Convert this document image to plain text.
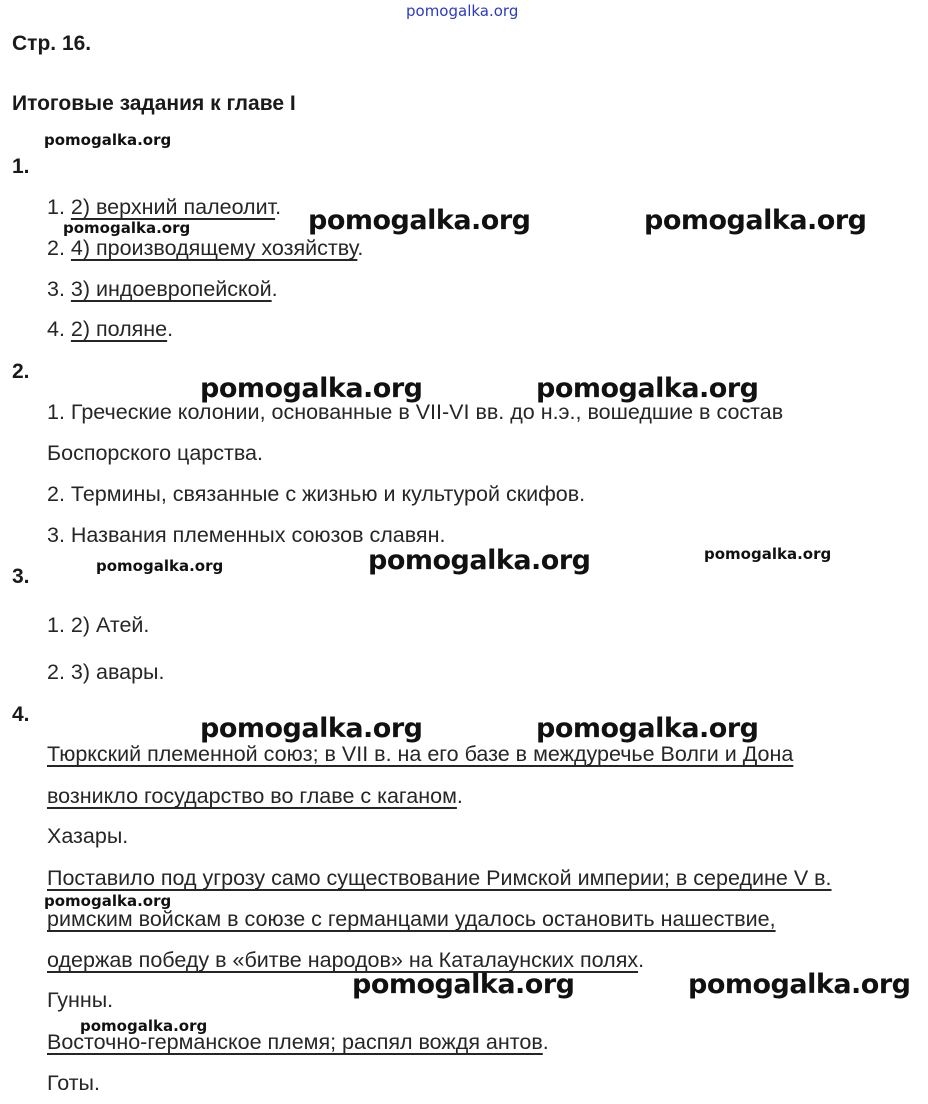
pomogalka.org
Стр. 16.
Итоговые задания к главе I
1.
1. 2) верхний палеолит.
2. 4) производящему хозяйству.
3. 3) индоевропейской.
4. 2) поляне.
2.
1. Греческие колонии, основанные в VII-VI вв. до н.э., вошедшие в состав
Боспорского царства.
2. Термины, связанные с жизнью и культурой скифов.
3. Названия племенных союзов славян.
3.
1. 2) Атей.
2. 3) авары.
4.
Тюркский племенной союз; в VII в. на его базе в междуречье Волги и Дона
возникло государство во главе с каганом.
Хазары.
Поставило под угрозу само существование Римской империи; в середине V в.
римским войскам в союзе с германцами удалось остановить нашествие,
одержав победу в «битве народов» на Каталаунских полях.
Гунны.
Восточно-германское племя; распял вождя антов.
Готы.
pomogalka.org
pomogalka.org	pomogalka.org	pomogalka.org
pomogalka.org	pomogalka.org
pomogalka.org	pomogalka.org	pomogalka.org
pomogalka.org	pomogalka.org
pomogalka.org
pomogalka.org	pomogalka.org
pomogalka.org
